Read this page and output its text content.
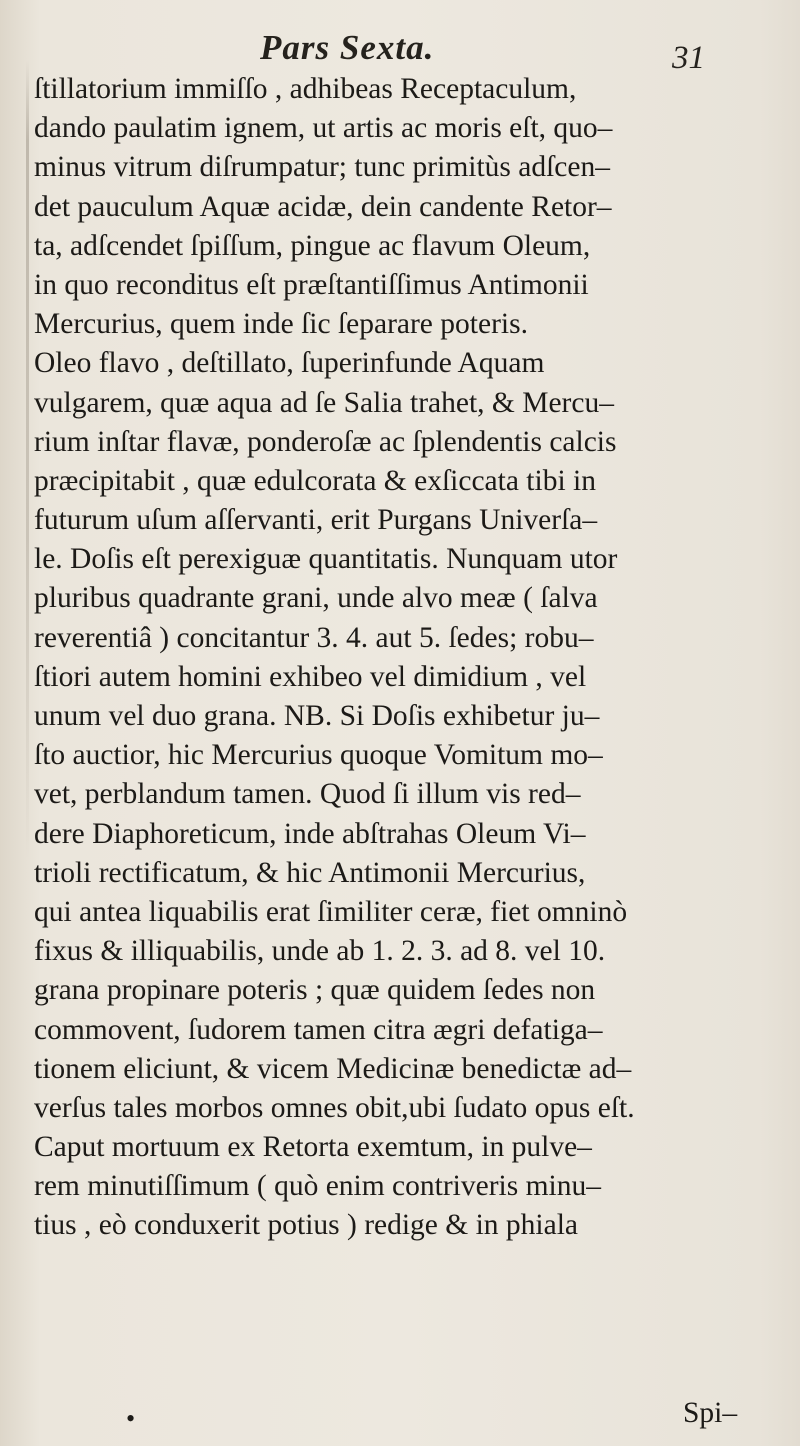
Pars Sexta.	31
ſtillatorium immiſſo , adhibeas Receptaculum,
dando paulatim ignem, ut artis ac moris eſt, quo–
minus vitrum diſrumpatur; tunc primitùs adſcen–
det pauculum Aquæ acidæ, dein candente Retor–
ta, adſcendet ſpiſſum, pingue ac flavum Oleum,
in quo reconditus eſt præſtantiſſimus Antimonii
Mercurius, quem inde ſic ſeparare poteris.
Oleo flavo , deſtillato, ſuperinfunde Aquam
vulgarem, quæ aqua ad ſe Salia trahet, & Mercu–
rium inſtar flavæ, ponderoſæ ac ſplendentis calcis
præcipitabit , quæ edulcorata & exſiccata tibi in
futurum uſum aſſervanti, erit Purgans Univerſa–
le. Doſis eſt perexiguæ quantitatis. Nunquam utor
pluribus quadrante grani, unde alvo meæ ( ſalva
reverentiâ ) concitantur 3. 4. aut 5. ſedes; robu–
ſtiori autem homini exhibeo vel dimidium , vel
unum vel duo grana. NB. Si Doſis exhibetur ju–
ſto auctior, hic Mercurius quoque Vomitum mo–
vet, perblandum tamen. Quod ſi illum vis red–
dere Diaphoreticum, inde abſtrahas Oleum Vi–
trioli rectificatum, & hic Antimonii Mercurius,
qui antea liquabilis erat ſimiliter ceræ, fiet omninò
fixus & illiquabilis, unde ab 1. 2. 3. ad 8. vel 10.
grana propinare poteris ; quæ quidem ſedes non
commovent, ſudorem tamen citra ægri defatiga–
tionem eliciunt, & vicem Medicinæ benedictæ ad–
verſus tales morbos omnes obit,ubi ſudato opus eſt.
Caput mortuum ex Retorta exemtum, in pulve–
rem minutiſſimum ( quò enim contriveris minu–
tius , eò conduxerit potius ) redige & in phiala
•	Spi–
